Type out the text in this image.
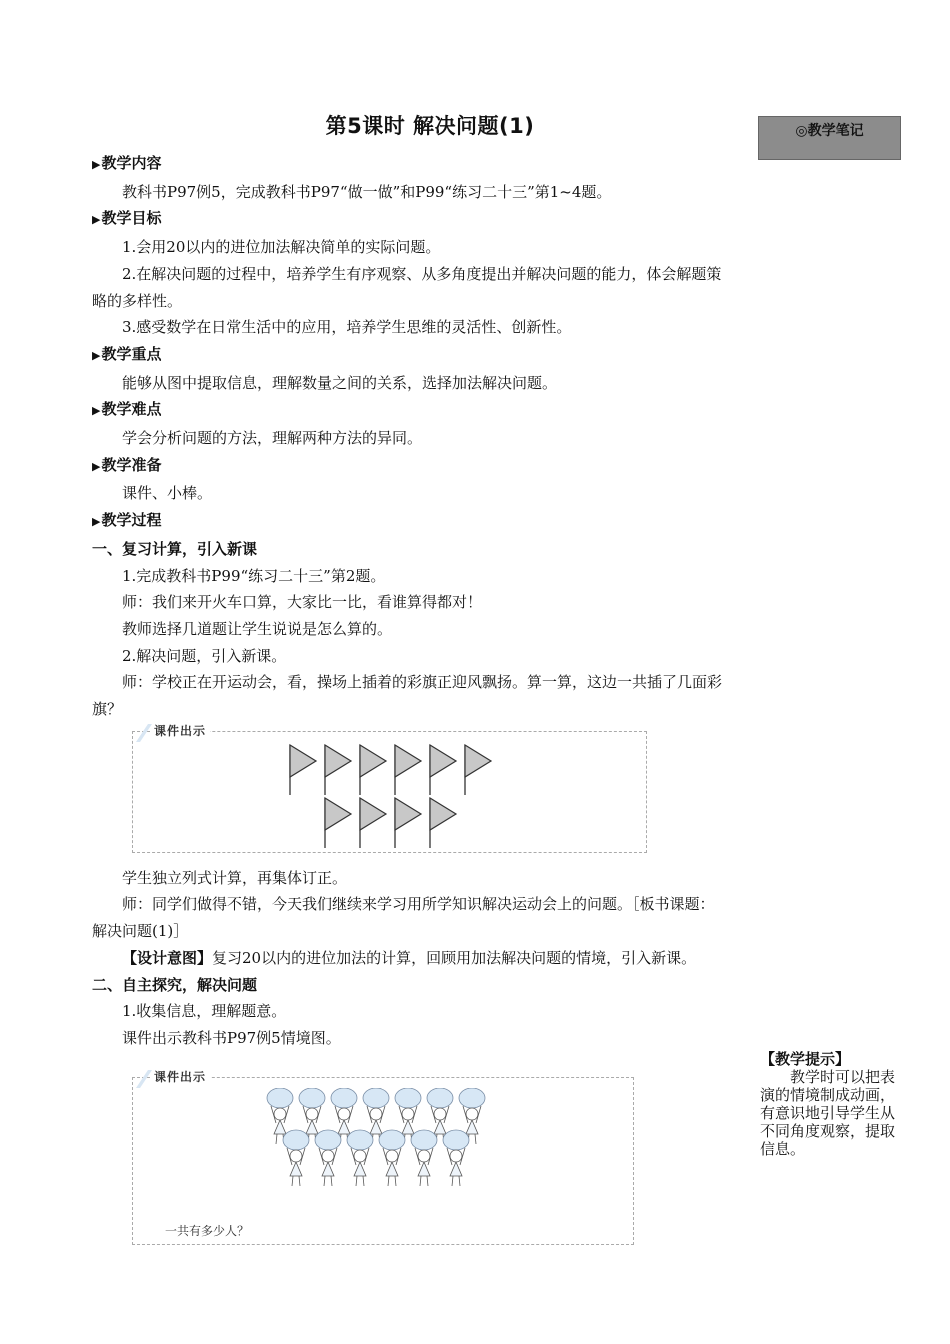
第5课时 解决问题(1)	◎教学笔记

▶教学内容

教科书P97例5，完成教科书P97“做一做”和P99“练习二十三”第1~4题。

▶教学目标

1.会用20以内的进位加法解决简单的实际问题。

2.在解决问题的过程中，培养学生有序观察、从多角度提出并解决问题的能力，体会解题策略的多样性。

3.感受数学在日常生活中的应用，培养学生思维的灵活性、创新性。

▶教学重点

能够从图中提取信息，理解数量之间的关系，选择加法解决问题。

▶教学难点

学会分析问题的方法，理解两种方法的异同。

▶教学准备

课件、小棒。

▶教学过程

一、复习计算，引入新课

1.完成教科书P99“练习二十三”第2题。

师：我们来开火车口算，大家比一比，看谁算得都对！

教师选择几道题让学生说说是怎么算的。

2.解决问题，引入新课。

师：学校正在开运动会，看，操场上插着的彩旗正迎风飘扬。算一算，这边一共插了几面彩旗？

学生独立列式计算，再集体订正。

师：同学们做得不错，今天我们继续来学习用所学知识解决运动会上的问题。［板书课题：解决问题(1)］

【设计意图】复习20以内的进位加法的计算，回顾用加法解决问题的情境，引入新课。

二、自主探究，解决问题

1.收集信息，理解题意。

课件出示教科书P97例5情境图。

课件出示
课件出示
一共有多少人？

【教学提示】

教学时可以把表演的情境制成动画，有意识地引导学生从不同角度观察，提取信息。
